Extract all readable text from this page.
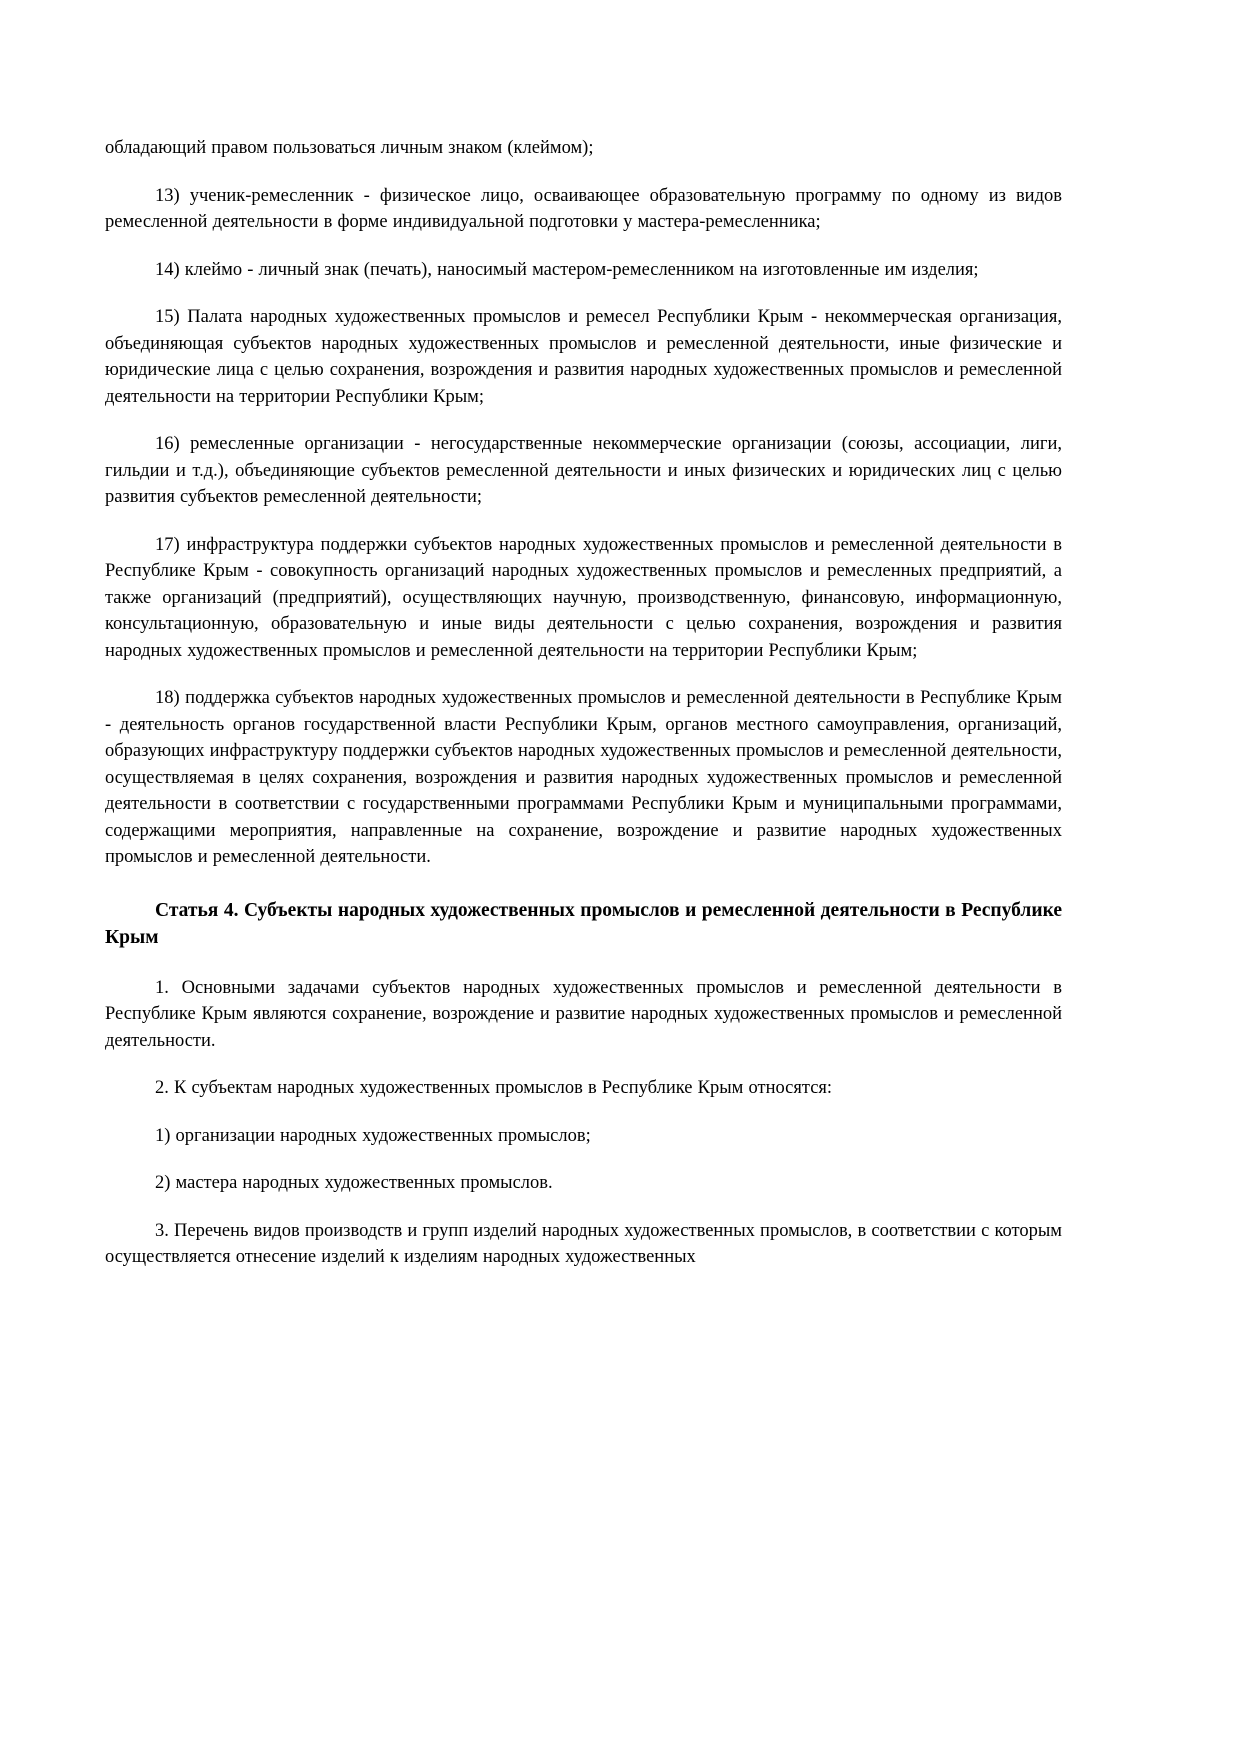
обладающий правом пользоваться личным знаком (клеймом);

13) ученик-ремесленник - физическое лицо, осваивающее образовательную программу по одному из видов ремесленной деятельности в форме индивидуальной подготовки у мастера-ремесленника;

14) клеймо - личный знак (печать), наносимый мастером-ремесленником на изготовленные им изделия;

15) Палата народных художественных промыслов и ремесел Республики Крым - некоммерческая организация, объединяющая субъектов народных художественных промыслов и ремесленной деятельности, иные физические и юридические лица с целью сохранения, возрождения и развития народных художественных промыслов и ремесленной деятельности на территории Республики Крым;

16) ремесленные организации - негосударственные некоммерческие организации (союзы, ассоциации, лиги, гильдии и т.д.), объединяющие субъектов ремесленной деятельности и иных физических и юридических лиц с целью развития субъектов ремесленной деятельности;

17) инфраструктура поддержки субъектов народных художественных промыслов и ремесленной деятельности в Республике Крым - совокупность организаций народных художественных промыслов и ремесленных предприятий, а также организаций (предприятий), осуществляющих научную, производственную, финансовую, информационную, консультационную, образовательную и иные виды деятельности с целью сохранения, возрождения и развития народных художественных промыслов и ремесленной деятельности на территории Республики Крым;

18) поддержка субъектов народных художественных промыслов и ремесленной деятельности в Республике Крым - деятельность органов государственной власти Республики Крым, органов местного самоуправления, организаций, образующих инфраструктуру поддержки субъектов народных художественных промыслов и ремесленной деятельности, осуществляемая в целях сохранения, возрождения и развития народных художественных промыслов и ремесленной деятельности в соответствии с государственными программами Республики Крым и муниципальными программами, содержащими мероприятия, направленные на сохранение, возрождение и развитие народных художественных промыслов и ремесленной деятельности.

Статья 4. Субъекты народных художественных промыслов и ремесленной деятельности в Республике Крым

1. Основными задачами субъектов народных художественных промыслов и ремесленной деятельности в Республике Крым являются сохранение, возрождение и развитие народных художественных промыслов и ремесленной деятельности.

2. К субъектам народных художественных промыслов в Республике Крым относятся:

1) организации народных художественных промыслов;

2) мастера народных художественных промыслов.

3. Перечень видов производств и групп изделий народных художественных промыслов, в соответствии с которым осуществляется отнесение изделий к изделиям народных художественных
